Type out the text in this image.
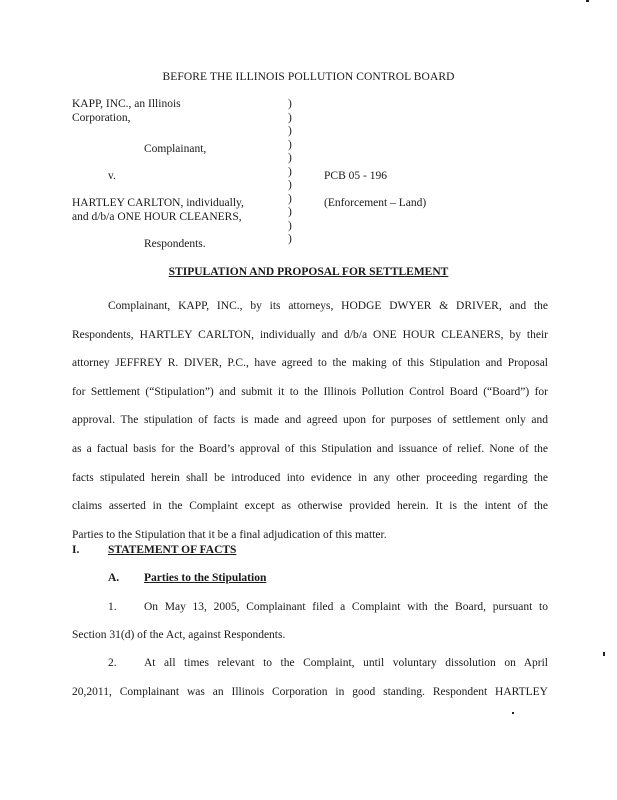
BEFORE THE ILLINOIS POLLUTION CONTROL BOARD
KAPP, INC., an Illinois
Corporation,
Complainant,
v.
HARTLEY CARLTON, individually,
and d/b/a ONE HOUR CLEANERS,
Respondents.
)
)
)
)
)
)
)
)
)
)
)
PCB 05 - 196
(Enforcement – Land)
STIPULATION AND PROPOSAL FOR SETTLEMENT
Complainant, KAPP, INC., by its attorneys, HODGE DWYER & DRIVER, and the
Respondents, HARTLEY CARLTON, individually and d/b/a ONE HOUR CLEANERS, by their
attorney JEFFREY R. DIVER, P.C., have agreed to the making of this Stipulation and Proposal
for Settlement (“Stipulation”) and submit it to the Illinois Pollution Control Board (“Board”) for
approval. The stipulation of facts is made and agreed upon for purposes of settlement only and
as a factual basis for the Board’s approval of this Stipulation and issuance of relief. None of the
facts stipulated herein shall be introduced into evidence in any other proceeding regarding the
claims asserted in the Complaint except as otherwise provided herein. It is the intent of the
Parties to the Stipulation that it be a final adjudication of this matter.
I. STATEMENT OF FACTS
A. Parties to the Stipulation
1. On May 13, 2005, Complainant filed a Complaint with the Board, pursuant to
Section 31(d) of the Act, against Respondents.
2. At all times relevant to the Complaint, until voluntary dissolution on April
20,2011, Complainant was an Illinois Corporation in good standing. Respondent HARTLEY
